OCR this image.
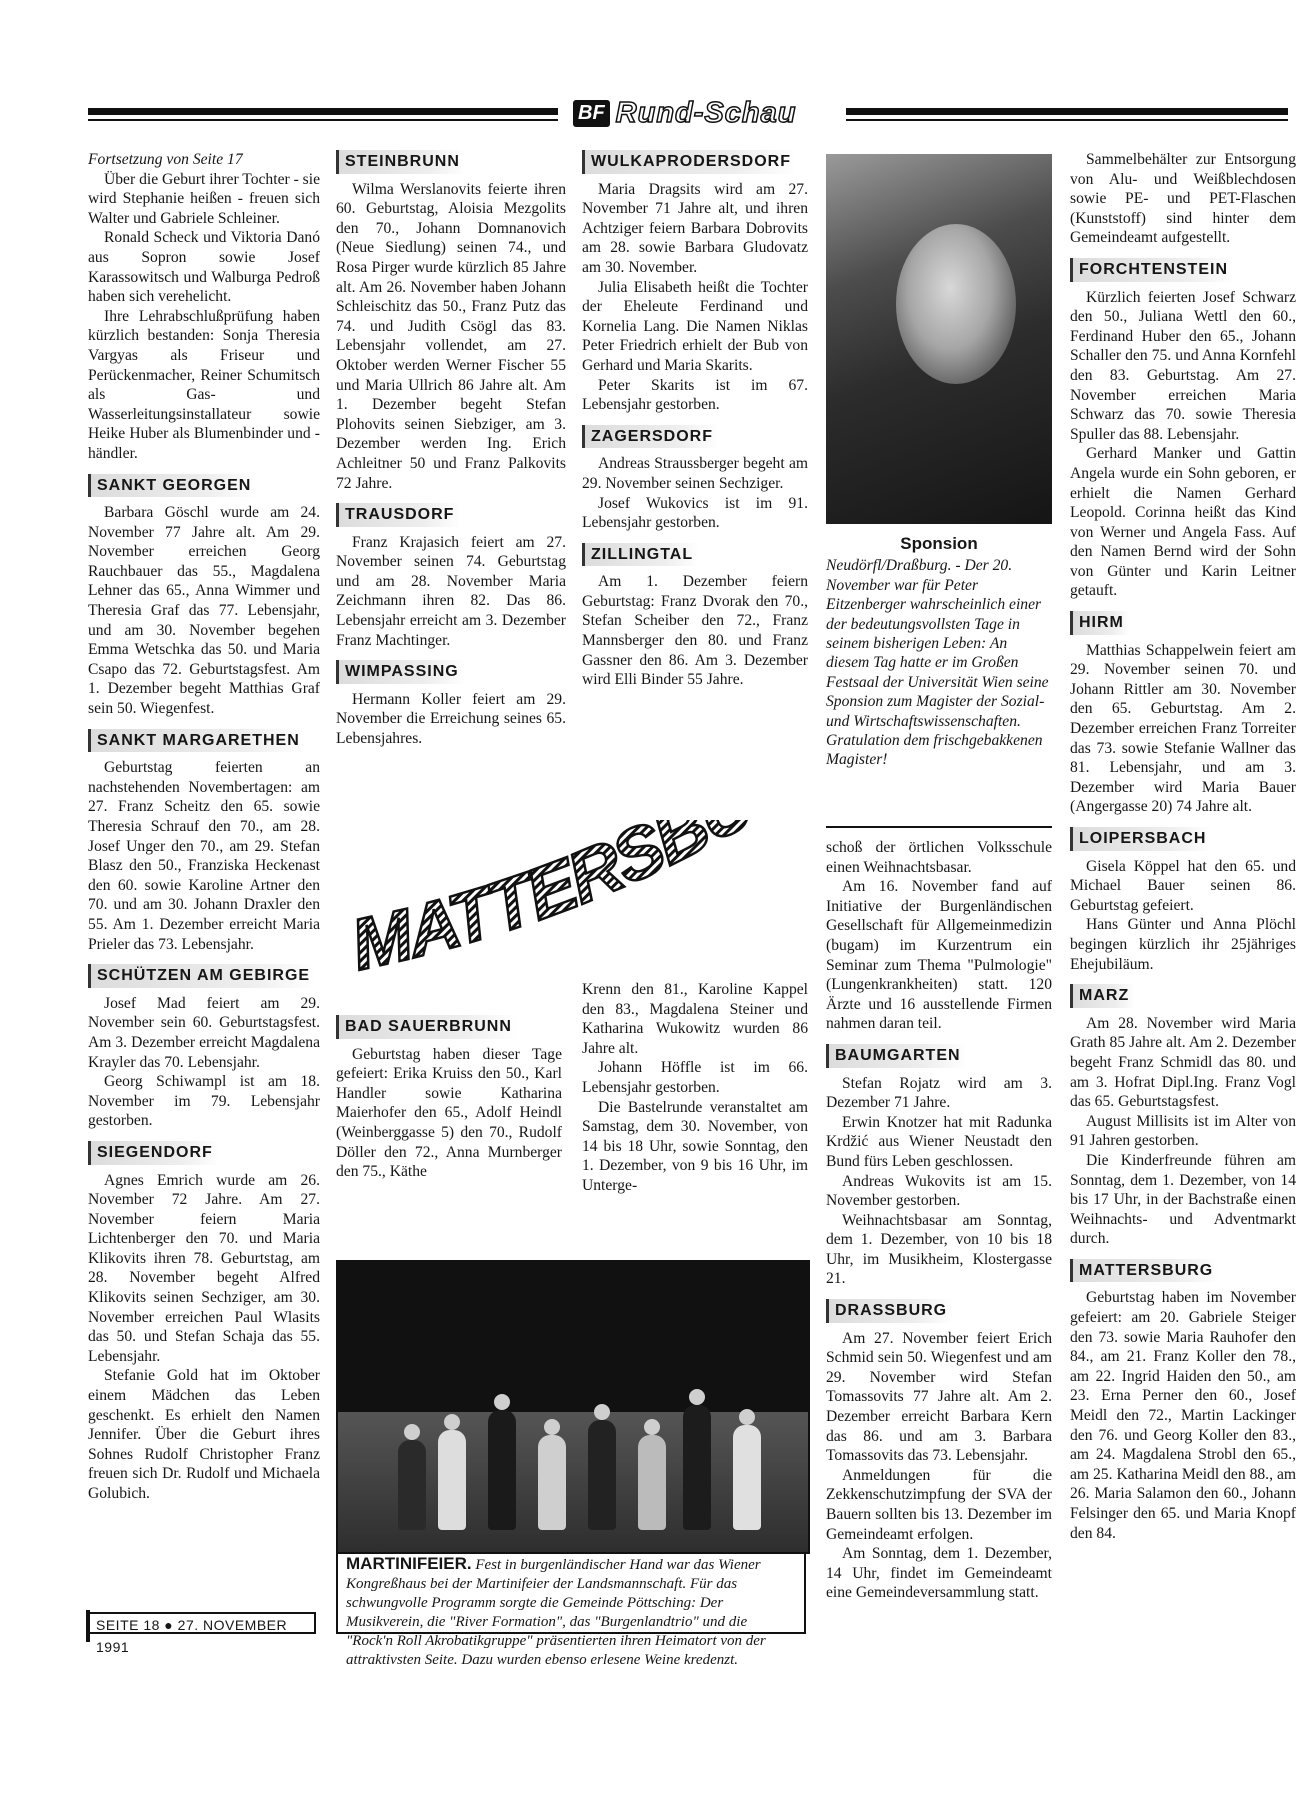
BF Rund-Schau

Fortsetzung von Seite 17

Über die Geburt ihrer Tochter - sie wird Stephanie heißen - freuen sich Walter und Gabriele Schleiner.

Ronald Scheck und Viktoria Danó aus Sopron sowie Josef Karassowitsch und Walburga Pedroß haben sich verehelicht.

Ihre Lehrabschlußprüfung haben kürzlich bestanden: Sonja Theresia Vargyas als Friseur und Perückenmacher, Reiner Schumitsch als Gas- und Wasserleitungsinstallateur sowie Heike Huber als Blumenbinder und -händler.

SANKT GEORGEN

Barbara Göschl wurde am 24. November 77 Jahre alt. Am 29. November erreichen Georg Rauchbauer das 55., Magdalena Lehner das 65., Anna Wimmer und Theresia Graf das 77. Lebensjahr, und am 30. November begehen Emma Wetschka das 50. und Maria Csapo das 72. Geburtstagsfest. Am 1. Dezember begeht Matthias Graf sein 50. Wiegenfest.

SANKT MARGARETHEN

Geburtstag feierten an nachstehenden Novembertagen: am 27. Franz Scheitz den 65. sowie Theresia Schrauf den 70., am 28. Josef Unger den 70., am 29. Stefan Blasz den 50., Franziska Heckenast den 60. sowie Karoline Artner den 70. und am 30. Johann Draxler den 55. Am 1. Dezember erreicht Maria Prieler das 73. Lebensjahr.

SCHÜTZEN AM GEBIRGE

Josef Mad feiert am 29. November sein 60. Geburtstagsfest. Am 3. Dezember erreicht Magdalena Krayler das 70. Lebensjahr.

Georg Schiwampl ist am 18. November im 79. Lebensjahr gestorben.

SIEGENDORF

Agnes Emrich wurde am 26. November 72 Jahre. Am 27. November feiern Maria Lichtenberger den 70. und Maria Klikovits ihren 78. Geburtstag, am 28. November begeht Alfred Klikovits seinen Sechziger, am 30. November erreichen Paul Wlasits das 50. und Stefan Schaja das 55. Lebensjahr.

Stefanie Gold hat im Oktober einem Mädchen das Leben geschenkt. Es erhielt den Namen Jennifer. Über die Geburt ihres Sohnes Rudolf Christopher Franz freuen sich Dr. Rudolf und Michaela Golubich.

STEINBRUNN

Wilma Werslanovits feierte ihren 60. Geburtstag, Aloisia Mezgolits den 70., Johann Domnanovich (Neue Siedlung) seinen 74., und Rosa Pirger wurde kürzlich 85 Jahre alt. Am 26. November haben Johann Schleischitz das 50., Franz Putz das 74. und Judith Csögl das 83. Lebensjahr vollendet, am 27. Oktober werden Werner Fischer 55 und Maria Ullrich 86 Jahre alt. Am 1. Dezember begeht Stefan Plohovits seinen Siebziger, am 3. Dezember werden Ing. Erich Achleitner 50 und Franz Palkovits 72 Jahre.

TRAUSDORF

Franz Krajasich feiert am 27. November seinen 74. Geburtstag und am 28. November Maria Zeichmann ihren 82. Das 86. Lebensjahr erreicht am 3. Dezember Franz Machtinger.

WIMPASSING

Hermann Koller feiert am 29. November die Erreichung seines 65. Lebensjahres.

WULKAPRODERSDORF

Maria Dragsits wird am 27. November 71 Jahre alt, und ihren Achtziger feiern Barbara Dobrovits am 28. sowie Barbara Gludovatz am 30. November.

Julia Elisabeth heißt die Tochter der Eheleute Ferdinand und Kornelia Lang. Die Namen Niklas Peter Friedrich erhielt der Bub von Gerhard und Maria Skarits.

Peter Skarits ist im 67. Lebensjahr gestorben.

ZAGERSDORF

Andreas Straussberger begeht am 29. November seinen Sechziger.

Josef Wukovics ist im 91. Lebensjahr gestorben.

ZILLINGTAL

Am 1. Dezember feiern Geburtstag: Franz Dvorak den 70., Stefan Scheiber den 72., Franz Mannsberger den 80. und Franz Gassner den 86. Am 3. Dezember wird Elli Binder 55 Jahre.

MATTERSB
BAD SAUERBRUNN

Geburtstag haben dieser Tage gefeiert: Erika Kruiss den 50., Karl Handler sowie Katharina Maierhofer den 65., Adolf Heindl (Weinberggasse 5) den 70., Rudolf Döller den 72., Anna Murnberger den 75., Käthe

Krenn den 81., Karoline Kappel den 83., Magdalena Steiner und Katharina Wukowitz wurden 86 Jahre alt.

Johann Höffle ist im 66. Lebensjahr gestorben.

Die Bastelrunde veranstaltet am Samstag, dem 30. November, von 14 bis 18 Uhr, sowie Sonntag, den 1. Dezember, von 9 bis 16 Uhr, im Unterge-

MARTINIFEIER. Fest in burgenländischer Hand war das Wiener Kongreßhaus bei der Martinifeier der Landsmannschaft. Für das schwungvolle Programm sorgte die Gemeinde Pöttsching: Der Musikverein, die "River Formation", das "Burgenlandtrio" und die "Rock'n Roll Akrobatikgruppe" präsentierten ihren Heimatort von der attraktivsten Seite. Dazu wurden ebenso erlesene Weine kredenzt.
Sponsion
Neudörfl/Draßburg. - Der 20. November war für Peter Eitzenberger wahrscheinlich einer der bedeutungsvollsten Tage in seinem bisherigen Leben: An diesem Tag hatte er im Großen Festsaal der Universität Wien seine Sponsion zum Magister der Sozial- und Wirtschaftswissenschaften. Gratulation dem frischgebakkenen Magister!

schoß der örtlichen Volksschule einen Weihnachtsbasar.

Am 16. November fand auf Initiative der Burgenländischen Gesellschaft für Allgemeinmedizin (bugam) im Kurzentrum ein Seminar zum Thema "Pulmologie" (Lungenkrankheiten) statt. 120 Ärzte und 16 ausstellende Firmen nahmen daran teil.

BAUMGARTEN

Stefan Rojatz wird am 3. Dezember 71 Jahre.

Erwin Knotzer hat mit Radunka Krdžić aus Wiener Neustadt den Bund fürs Leben geschlossen.

Andreas Wukovits ist am 15. November gestorben.

Weihnachtsbasar am Sonntag, dem 1. Dezember, von 10 bis 18 Uhr, im Musikheim, Klostergasse 21.

DRASSBURG

Am 27. November feiert Erich Schmid sein 50. Wiegenfest und am 29. November wird Stefan Tomassovits 77 Jahre alt. Am 2. Dezember erreicht Barbara Kern das 86. und am 3. Barbara Tomassovits das 73. Lebensjahr.

Anmeldungen für die Zekkenschutzimpfung der SVA der Bauern sollten bis 13. Dezember im Gemeindeamt erfolgen.

Am Sonntag, dem 1. Dezember, 14 Uhr, findet im Gemeindeamt eine Gemeindeversammlung statt.

Sammelbehälter zur Entsorgung von Alu- und Weißblechdosen sowie PE- und PET-Flaschen (Kunststoff) sind hinter dem Gemeindeamt aufgestellt.

FORCHTENSTEIN

Kürzlich feierten Josef Schwarz den 50., Juliana Wettl den 60., Ferdinand Huber den 65., Johann Schaller den 75. und Anna Kornfehl den 83. Geburtstag. Am 27. November erreichen Maria Schwarz das 70. sowie Theresia Spuller das 88. Lebensjahr.

Gerhard Manker und Gattin Angela wurde ein Sohn geboren, er erhielt die Namen Gerhard Leopold. Corinna heißt das Kind von Werner und Angela Fass. Auf den Namen Bernd wird der Sohn von Günter und Karin Leitner getauft.

HIRM

Matthias Schappelwein feiert am 29. November seinen 70. und Johann Rittler am 30. November den 65. Geburtstag. Am 2. Dezember erreichen Franz Torreiter das 73. sowie Stefanie Wallner das 81. Lebensjahr, und am 3. Dezember wird Maria Bauer (Angergasse 20) 74 Jahre alt.

LOIPERSBACH

Gisela Köppel hat den 65. und Michael Bauer seinen 86. Geburtstag gefeiert.

Hans Günter und Anna Plöchl begingen kürzlich ihr 25jähriges Ehejubiläum.

MARZ

Am 28. November wird Maria Grath 85 Jahre alt. Am 2. Dezember begeht Franz Schmidl das 80. und am 3. Hofrat Dipl.Ing. Franz Vogl das 65. Geburtstagsfest.

August Millisits ist im Alter von 91 Jahren gestorben.

Die Kinderfreunde führen am Sonntag, dem 1. Dezember, von 14 bis 17 Uhr, in der Bachstraße einen Weihnachts- und Adventmarkt durch.

MATTERSBURG

Geburtstag haben im November gefeiert: am 20. Gabriele Steiger den 73. sowie Maria Rauhofer den 84., am 21. Franz Koller den 78., am 22. Ingrid Haiden den 50., am 23. Erna Perner den 60., Josef Meidl den 72., Martin Lackinger den 76. und Georg Koller den 83., am 24. Magdalena Strobl den 65., am 25. Katharina Meidl den 88., am 26. Maria Salamon den 60., Johann Felsinger den 65. und Maria Knopf den 84.

SEITE 18 ● 27. NOVEMBER 1991
